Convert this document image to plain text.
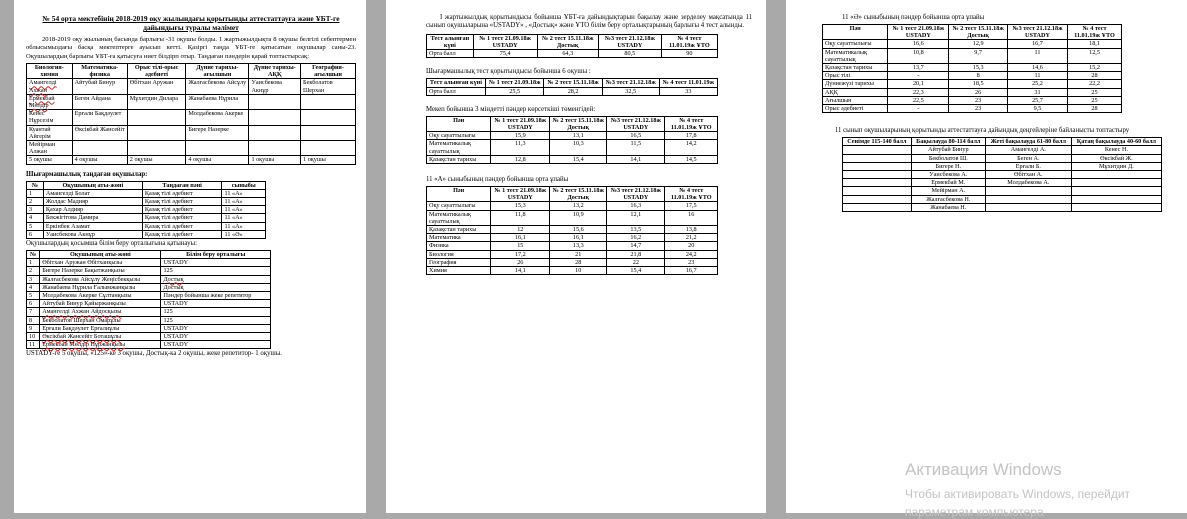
№ 54 орта мектебінің 2018-2019 оқу жылындағы қорытынды аттестаттауға және ҰБТ-ге дайындығы туралы мәлімет

2018-2019 оқу жылының басында барлығы -31 оқушы болды. 1 жартыжылдықта 8 оқушы белгілі себептермен облысымыздағы басқа мектептерге ауысып кетті. Қазіргі таңда ҰБТ-ге қатысатын оқушылар саны-23. Оқушылардың барлығы ҰБТ-ға қатысуға ниет білдірп отыр. Таңдаған пәндерін қарай топтастырсақ:

Биология-химия	Математика-физика	Орыс тілі-орыс әдебиеті	Дүние тарихы-ағылшын	Дүние тарихы-АҚҚ	География-ағылшын
Амангелді Ахжан	Айтубай Бинур	Өбітхан Аружан	Жалғасбекова Айсұлу	Уаисбекова Акнұр	Бекболатов Шерхан
Ермекбай Мөлдір	Беген Айдана	Мұхитдин Дилара	Жанабаева Нұрила		
Кенес Нұрсезім	Ерғали Бақдәулет		Молдабекова Акерке		
Куантай Айгерім	Өксікбай Жансейіт		Бигерe Назерке		
Мейірман Алжан					
5 оқушы	4 оқушы	2 оқушы	4 оқушы	1 оқушы	1 оқушы
Шығармашылық таңдаған оқушылар:
№	Оқушының аты-жөні	Таңдаған пәні	сыныбы
1	Амангелді Болат	Қазақ тілі әдебиет	11 «А»
2	Жолдас Мадияр	Қазақ тілі әдебиет	11 «А»
3	Қахар Алдияр	Қазақ тілі әдебиет	11 «А»
4	Бекжігітова Дамира	Қазақ тілі әдебиет	11 «А»
5	Еркінбек Азамат	Қазақ тілі әдебиет	11 «А»
6	Уаисбекова Акнұр	Қазақ тілі әдебиет	11 «Ә»
Оқушылардың қосымша білім беру орталығына қатынауы:
№	Оқушының аты-жөні	Білім беру орталығы
1	Өбітхан Аружан Өбітханқызы	USTADY
2	Бигерe Назерке Бақытжанқызы	125
3	Жалғасбекова Айсұлу Жеңісбекқызы	Достық
4	Жанабаева Нұрила Ғалымжанқызы	Достық
5	Молдабекова Акерке Сұлтанқызы	Пәндер бойынша жеке репетитор
6	Айтубай Бинур Қайыржанқызы	USTADY
7	Амангелді Ахжан Айдосқызы	125
8	Бекболатов Шерхан Омарұлы	125
9	Ерғали Бақдәулет Ерғалиұлы	USTADY
10	Өксікбай Жансейіт Боташұлы	USTADY
11	Ермекбай Мөлдір Нұржанқызы	USTADY
USTADY-ге 5 оқушы, «125»-ке 3 оқушы, Достық-ка 2 оқушы, жеке репетитор- 1 оқушы.

І жартыжылдық қорытындысы бойынша ҰБТ-ға дайындықтарын бақылау және зерделеу мақсатында 11 сынып оқушыларына «USTADY» , «Достық» және ҰТО білім беру орталықтарының барлығы 4 тест алынды.

Тест алынған күні	№ 1 тест 21.09.18ж USTADY	№ 2 тест 15.11.18ж Достық	№3 тест 21.12.18ж USTADY	№ 4 тест 11.01.19ж ҰТО
Орта балл	75,4	64,3	80,5	90
Шығармашылық тест қорытындысы бойынша 6 оқушы :
Тест алынған күні	№ 1 тест 21.09.18ж	№ 2 тест 15.11.18ж	№3 тест 21.12.18ж	№ 4 тест 11.01.19ж
Орта балл	25,5	28,2	32,5	33
Мекеп бойынша 3 міндетті пәндер көрсеткіші төменгідей:
Пән	№ 1 тест 21.09.18ж USTADY	№ 2 тест 15.11.18ж Достық	№3 тест 21.12.18ж USTADY	№ 4 тест 11.01.19ж ҰТО
Оқу сауаттылығы	15,9	13,1	16,5	17,8
Математикалық сауаттылық	11,3	10,3	11,5	14,2
Қазақстан тарихы	12,8	15,4	14,1	14,5
11 «А» сыныбының пәндер бойынша орта ұпайы
Пән	№ 1 тест 21.09.18ж USTADY	№ 2 тест 15.11.18ж Достық	№3 тест 21.12.18ж USTADY	№ 4 тест 11.01.19ж ҰТО
Оқу сауаттылығы	15,3	13,2	16,3	17,5
Математикалық сауаттылық	11,8	10,9	12,1	16
Қазақстан тарихы	12	15,6	13,5	13,8
Математика	16,1	16,1	16,2	21,2
Физика	15	13,3	14,7	20
Биология	17,2	21	21,8	24,2
География	26	28	22	23
Химия	14,1	10	15,4	16,7
11 «Ә» сыныбының пәндер бойынша орта ұпайы
Пән	№ 1 тест 21.09.18ж USTADY	№ 2 тест 15.11.18ж Достық	№3 тест 21.12.18ж USTADY	№ 4 тест 11.01.19ж ҰТО
Оқу сауаттылығы	16,6	12,9	16,7	18,1
Математикалық сауаттылық	10,8	9,7	11	12,5
Қазақстан тарихы	13,7	15,3	14,6	15,2
Орыс тілі	-	8	11	28
Дүниежүзі тарихы	20,1	18,5	25,2	22,2
АҚҚ	22,3	26	31	25
Ағылшын	22,5	23	25,7	25
Орыс әдебиеті	-	23	9,5	28
11 сынып оқушыларының қорытынды аттестаттауға дайындық деңгейлеріне байланысты топтастыру
Сенімде 115-140 балл	Бақылауда 80-114 балл	Жеті бақылауда 61-80 балл	Қатаң бақылауда 40-60 балл
	Айтубай Бинур	Амангелді А.	Кенес Н.
	Бекболатов Ш.	Беген А.	Өксікбай Ж.
	Бигерe Н.	Ерғали Б.	Мұхитдин Д.
	Уаисбекова А.	Өбітхан А.	
	Ермекбай М.	Молдабекова А.	
	Мейірман А.		
	Жалғасбекова Н.		
	Жанабаева Н.		
Активация Windows
Чтобы активировать Windows, перейдит
параметрам компьютера
